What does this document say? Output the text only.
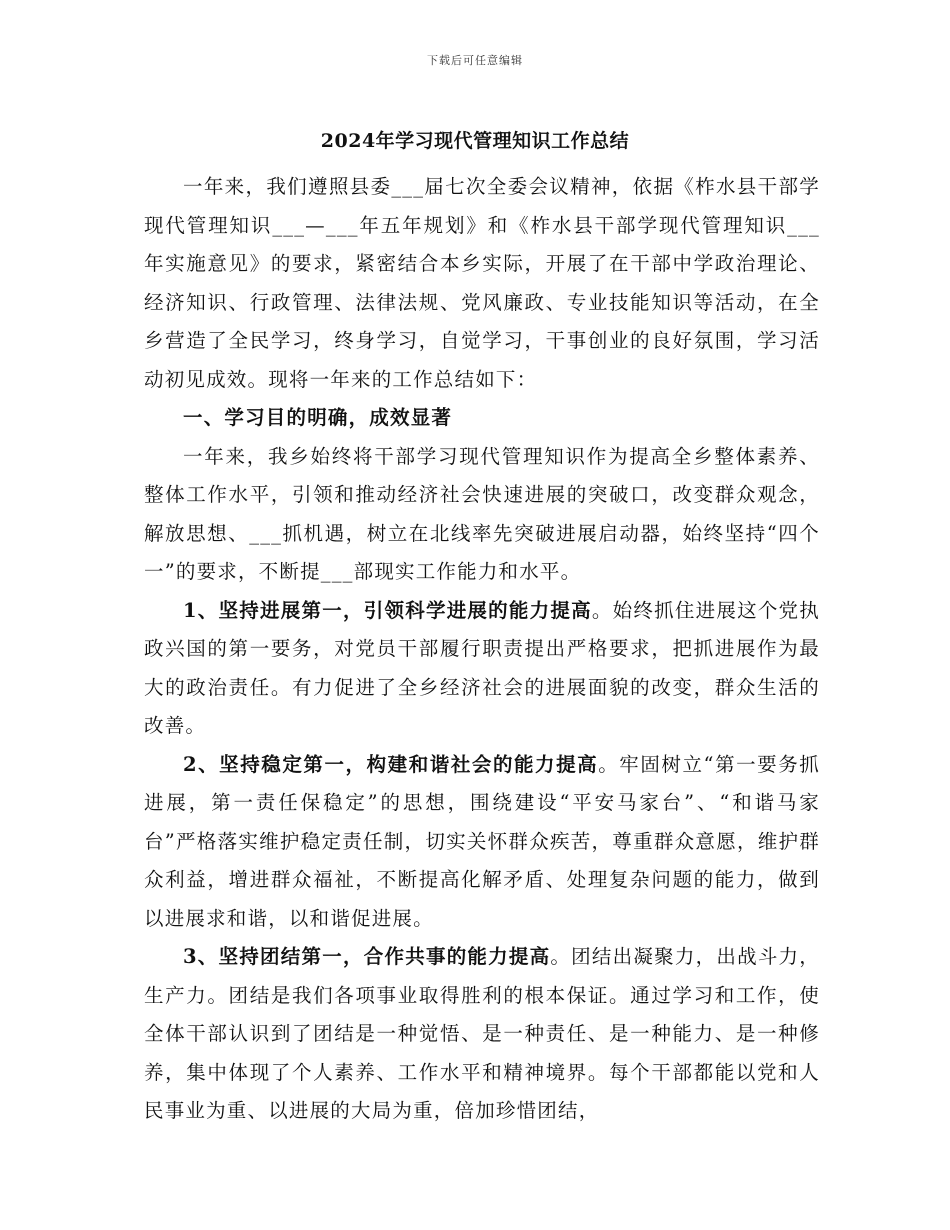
下载后可任意编辑
2024年学习现代管理知识工作总结

一年来，我们遵照县委___届七次全委会议精神，依据《柞水县干部学现代管理知识___—___年五年规划》和《柞水县干部学现代管理知识___年实施意见》的要求，紧密结合本乡实际，开展了在干部中学政治理论、经济知识、行政管理、法律法规、党风廉政、专业技能知识等活动，在全乡营造了全民学习，终身学习，自觉学习，干事创业的良好氛围，学习活动初见成效。现将一年来的工作总结如下：

一、学习目的明确，成效显著

一年来，我乡始终将干部学习现代管理知识作为提高全乡整体素养、整体工作水平，引领和推动经济社会快速进展的突破口，改变群众观念，解放思想、___抓机遇，树立在北线率先突破进展启动器，始终坚持“四个一”的要求，不断提___部现实工作能力和水平。

1、坚持进展第一，引领科学进展的能力提高。始终抓住进展这个党执政兴国的第一要务，对党员干部履行职责提出严格要求，把抓进展作为最大的政治责任。有力促进了全乡经济社会的进展面貌的改变，群众生活的改善。

2、坚持稳定第一，构建和谐社会的能力提高。牢固树立“第一要务抓进展，第一责任保稳定”的思想，围绕建设“平安马家台”、“和谐马家台”严格落实维护稳定责任制，切实关怀群众疾苦，尊重群众意愿，维护群众利益，增进群众福祉，不断提高化解矛盾、处理复杂问题的能力，做到以进展求和谐，以和谐促进展。

3、坚持团结第一，合作共事的能力提高。团结出凝聚力，出战斗力，生产力。团结是我们各项事业取得胜利的根本保证。通过学习和工作，使全体干部认识到了团结是一种觉悟、是一种责任、是一种能力、是一种修养，集中体现了个人素养、工作水平和精神境界。每个干部都能以党和人民事业为重、以进展的大局为重，倍加珍惜团结，
